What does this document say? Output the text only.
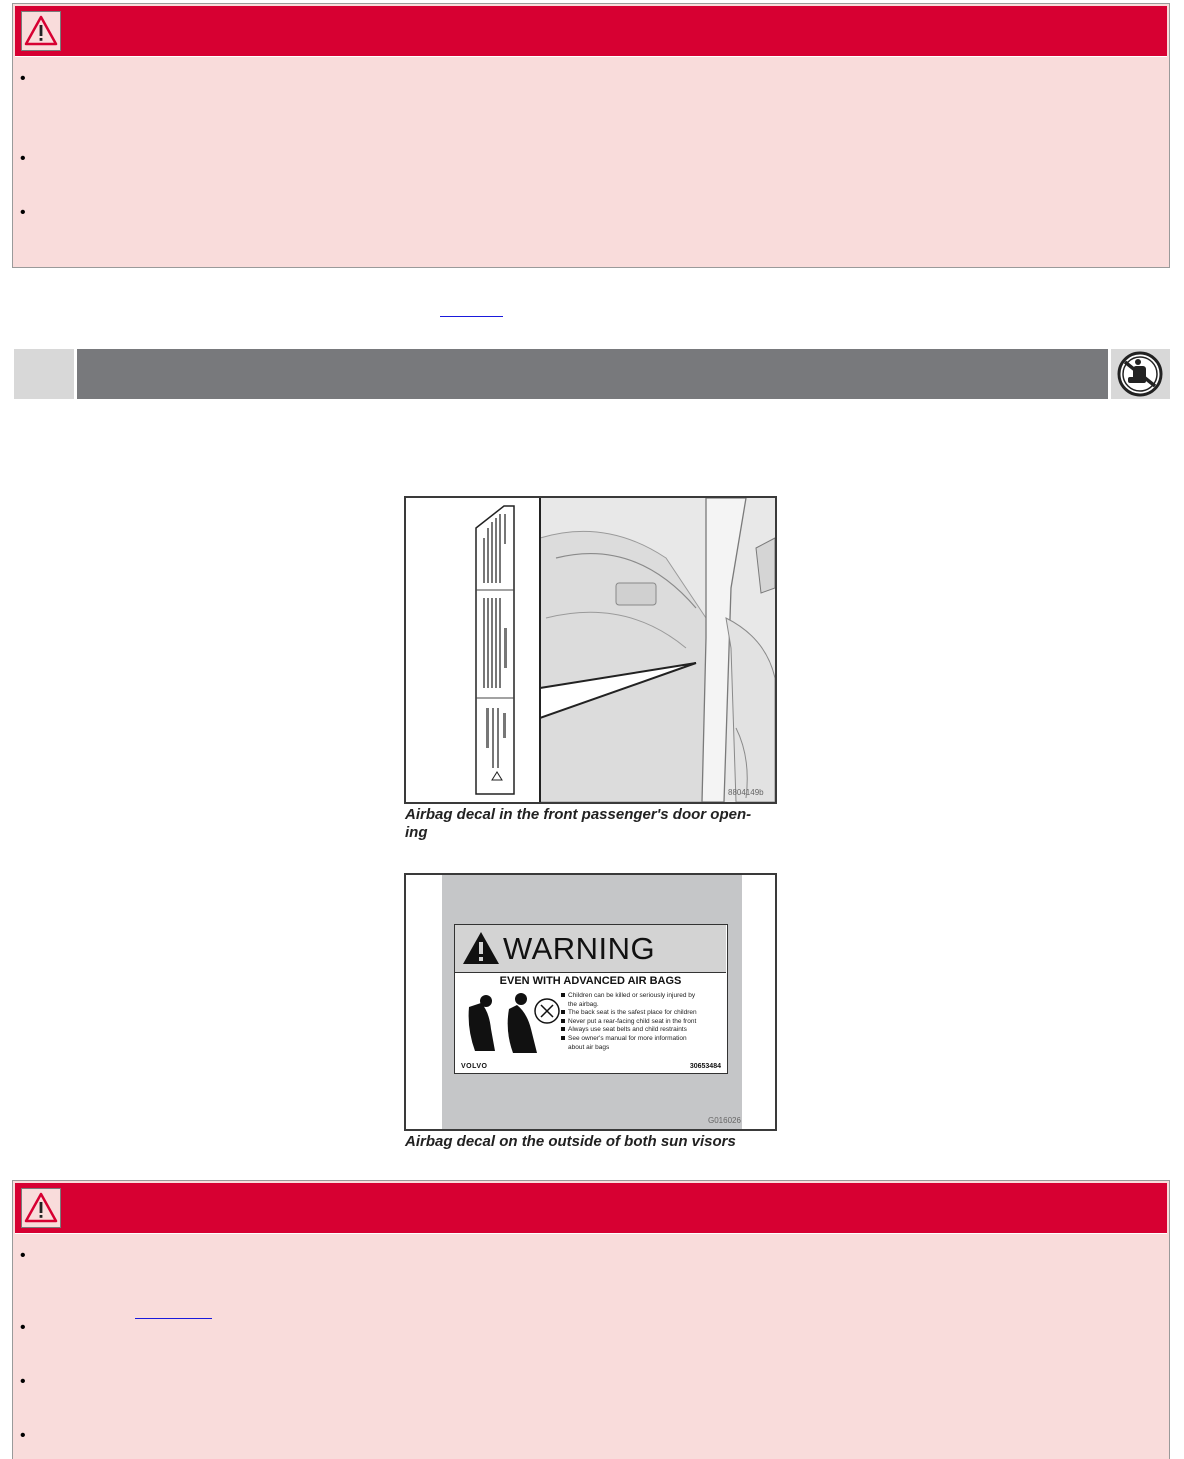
•
•
•
8804149b
Airbag decal in the front passenger's door open-
ing
WARNING
EVEN WITH ADVANCED AIR BAGS
Children can be killed or seriously injured by
the airbag.
The back seat is the safest place for children
Never put a rear-facing child seat in the front
Always use seat belts and child restraints
See owner's manual for more information
about air bags
VOLVO	30653484
G016026
Airbag decal on the outside of both sun visors
•
•
•
•
